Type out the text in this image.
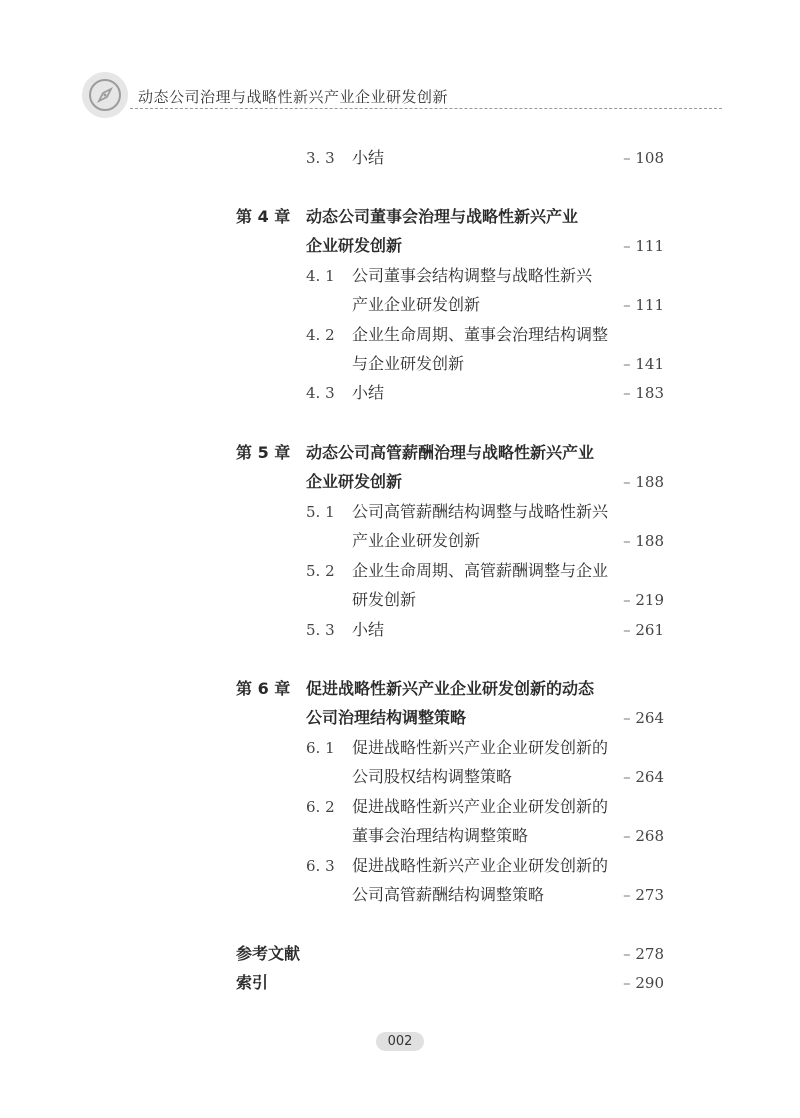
动态公司治理与战略性新兴产业企业研发创新
3. 3 小结	– 108
第 4 章 动态公司董事会治理与战略性新兴产业
企业研发创新	– 111
4. 1 公司董事会结构调整与战略性新兴
产业企业研发创新	– 111
4. 2 企业生命周期、董事会治理结构调整
与企业研发创新	– 141
4. 3 小结	– 183
第 5 章 动态公司高管薪酬治理与战略性新兴产业
企业研发创新	– 188
5. 1 公司高管薪酬结构调整与战略性新兴
产业企业研发创新	– 188
5. 2 企业生命周期、高管薪酬调整与企业
研发创新	– 219
5. 3 小结	– 261
第 6 章 促进战略性新兴产业企业研发创新的动态
公司治理结构调整策略	– 264
6. 1 促进战略性新兴产业企业研发创新的
公司股权结构调整策略	– 264
6. 2 促进战略性新兴产业企业研发创新的
董事会治理结构调整策略	– 268
6. 3 促进战略性新兴产业企业研发创新的
公司高管薪酬结构调整策略	– 273
参考文献	– 278
索引	– 290
002
